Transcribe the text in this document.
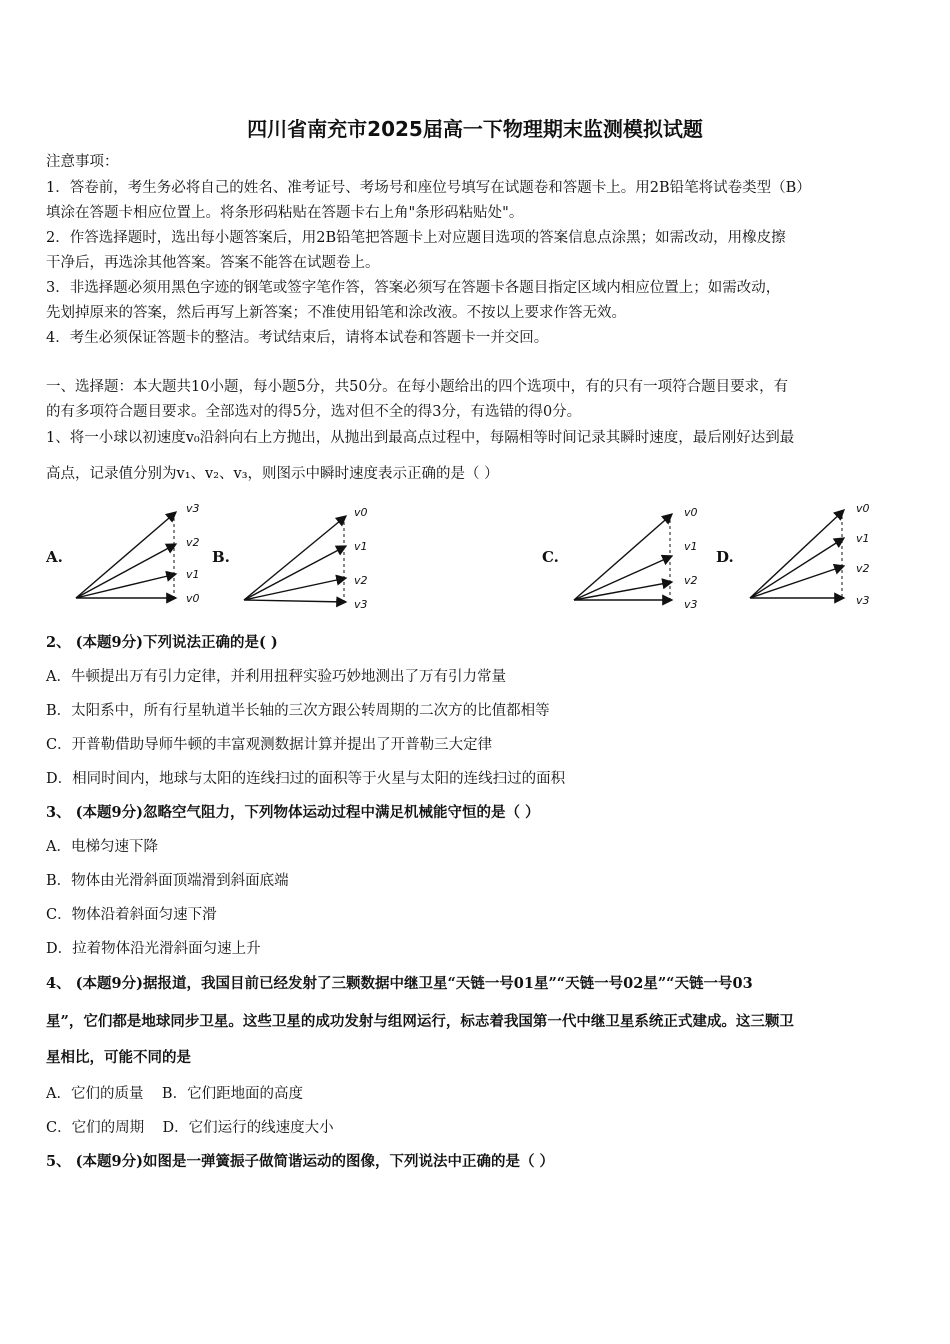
四川省南充市2025届高一下物理期末监测模拟试题
注意事项：
1．答卷前，考生务必将自己的姓名、准考证号、考场号和座位号填写在试题卷和答题卡上。用2B铅笔将试卷类型（B）
填涂在答题卡相应位置上。将条形码粘贴在答题卡右上角"条形码粘贴处"。
2．作答选择题时，选出每小题答案后，用2B铅笔把答题卡上对应题目选项的答案信息点涂黑；如需改动，用橡皮擦
干净后，再选涂其他答案。答案不能答在试题卷上。
3．非选择题必须用黑色字迹的钢笔或签字笔作答，答案必须写在答题卡各题目指定区域内相应位置上；如需改动，
先划掉原来的答案，然后再写上新答案；不准使用铅笔和涂改液。不按以上要求作答无效。
4．考生必须保证答题卡的整洁。考试结束后，请将本试卷和答题卡一并交回。
一、选择题：本大题共10小题，每小题5分，共50分。在每小题给出的四个选项中，有的只有一项符合题目要求，有
的有多项符合题目要求。全部选对的得5分，选对但不全的得3分，有选错的得0分。
1、将一小球以初速度v₀沿斜向右上方抛出，从抛出到最高点过程中，每隔相等时间记录其瞬时速度，最后刚好达到最
高点，记录值分别为v₁、v₂、v₃，则图示中瞬时速度表示正确的是（ ）
A.
v3
v2
v1
v0
B.
v0
v1
v2
v3
C.
v0
v1
v2
v3
D.
v0
v1
v2
v3
2、 (本题9分)下列说法正确的是( )
A．牛顿提出万有引力定律，并利用扭秤实验巧妙地测出了万有引力常量
B．太阳系中，所有行星轨道半长轴的三次方跟公转周期的二次方的比值都相等
C．开普勒借助导师牛顿的丰富观测数据计算并提出了开普勒三大定律
D．相同时间内，地球与太阳的连线扫过的面积等于火星与太阳的连线扫过的面积
3、 (本题9分)忽略空气阻力，下列物体运动过程中满足机械能守恒的是（ ）
A．电梯匀速下降
B．物体由光滑斜面顶端滑到斜面底端
C．物体沿着斜面匀速下滑
D．拉着物体沿光滑斜面匀速上升
4、 (本题9分)据报道，我国目前已经发射了三颗数据中继卫星“天链一号01星”“天链一号02星”“天链一号03
星”，它们都是地球同步卫星。这些卫星的成功发射与组网运行，标志着我国第一代中继卫星系统正式建成。这三颗卫
星相比，可能不同的是
A．它们的质量    B．它们距地面的高度
C．它们的周期    D．它们运行的线速度大小
5、 (本题9分)如图是一弹簧振子做简谐运动的图像，下列说法中正确的是（ ）
